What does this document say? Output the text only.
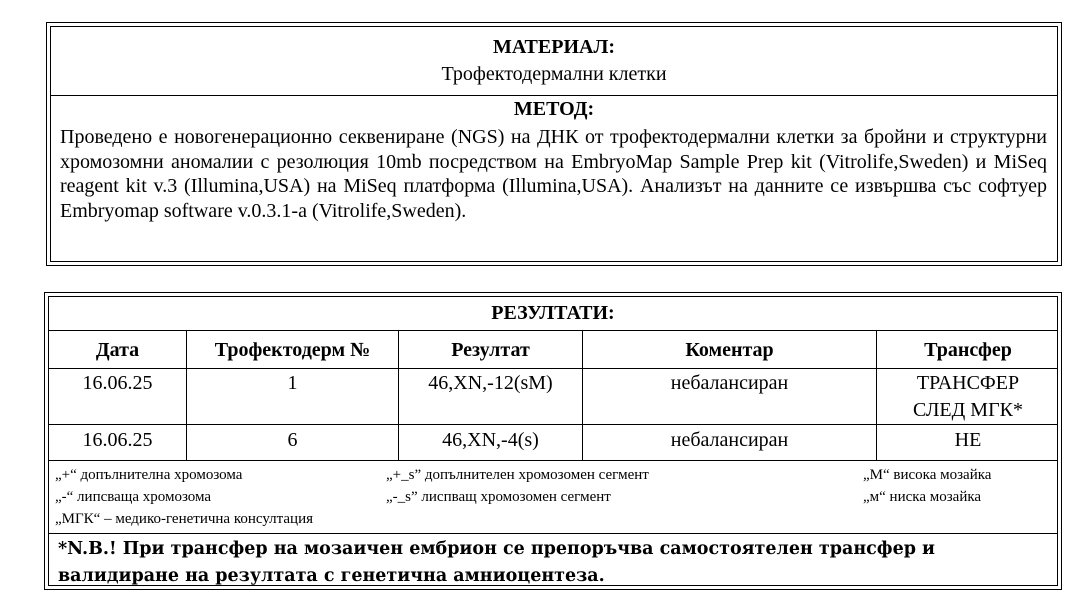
МАТЕРИАЛ:
Трофектодермални клетки
МЕТОД:
Проведено е новогенерационно секвениране (NGS) на ДНК от трофектодермални клетки за бройни и структурни хромозомни аномалии с резолюция 10mb посредством на EmbryoMap Sample Prep kit (Vitrolife,Sweden) и MiSeq reagent kit v.3 (Illumina,USA) на MiSeq платформа (Illumina,USA). Анализът на данните се извършва със софтуер Embryomap software v.0.3.1-a (Vitrolife,Sweden).
РЕЗУЛТАТИ:
Дата	Трофектодерм №	Резултат	Коментар	Трансфер
16.06.25	1	46,XN,-12(sM)	небалансиран	ТРАНСФЕР
СЛЕД МГК*
16.06.25	6	46,XN,-4(s)	небалансиран	НЕ
„+“ допълнителна хромозома
„-“ липсваща хромозома
„МГК“ – медико-генетична консултация
„+_s” допълнителен хромозомен сегмент
„-_s” лиспващ хромозомен сегмент
„M“ висока мозайка
„м“ ниска мозайка
*N.B.! При трансфер на мозаичен ембрион се препоръчва самостоятелен трансфер и
валидиране на резултата с генетична амниоцентеза.
